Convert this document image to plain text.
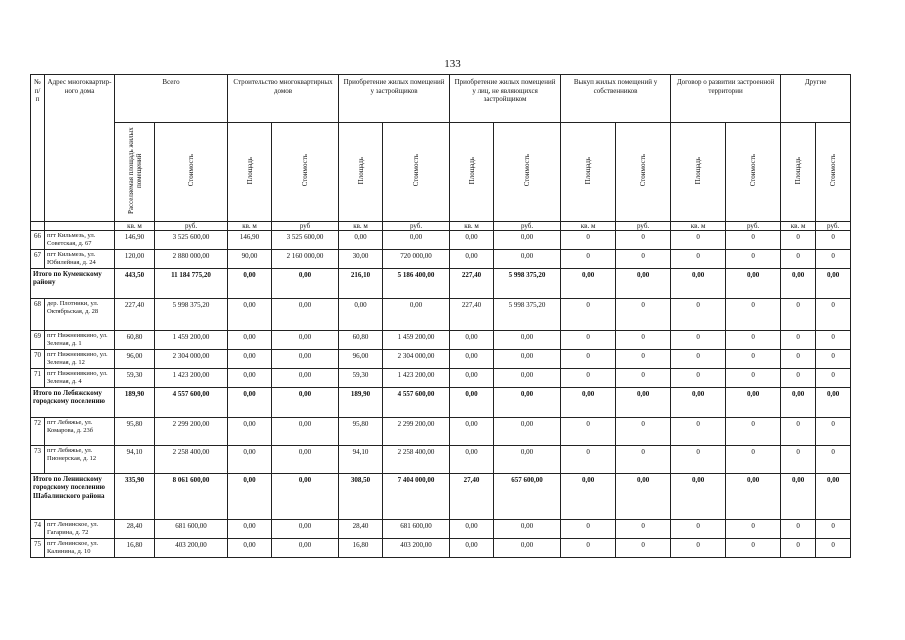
133
№ п/п	Адрес многоквартир-ного дома	Всего		Строительство многоквартирных домов		Приобретение жилых помещений у застройщиков		Приобретение жилых помещений у лиц, не являющихся застройщиком		Выкуп жилых помещений у собственников		Договор о развитии застроенной территории		Другие	
		Расселяемая площадь жилых помещений	Стоимость	Площадь	Стоимость	Площадь	Стоимость	Площадь	Стоимость	Площадь	Стоимость	Площадь	Стоимость	Площадь	Стоимость
		кв. м	руб.	кв. м	руб	кв. м	руб.	кв. м	руб.	кв. м	руб.	кв. м	руб.	кв. м	руб.
66	пгт Кильмезь, ул. Советская, д. 67	146,90	3 525 600,00	146,90	3 525 600,00	0,00	0,00	0,00	0,00	0	0	0	0	0	0
67	пгт Кильмезь, ул. Юбилейная, д. 24	120,00	2 880 000,00	90,00	2 160 000,00	30,00	720 000,00	0,00	0,00	0	0	0	0	0	0
Итого по Куменскому району		443,50	11 184 775,20	0,00	0,00	216,10	5 186 400,00	227,40	5 998 375,20	0,00	0,00	0,00	0,00	0,00	0,00
68	дер. Плотники, ул. Октябрьская, д. 28	227,40	5 998 375,20	0,00	0,00	0,00	0,00	227,40	5 998 375,20	0	0	0	0	0	0
69	пгт Нижнеивкино, ул. Зеленая, д. 1	60,80	1 459 200,00	0,00	0,00	60,80	1 459 200,00	0,00	0,00	0	0	0	0	0	0
70	пгт Нижнеивкино, ул. Зеленая, д. 12	96,00	2 304 000,00	0,00	0,00	96,00	2 304 000,00	0,00	0,00	0	0	0	0	0	0
71	пгт Нижнеивкино, ул. Зеленая, д. 4	59,30	1 423 200,00	0,00	0,00	59,30	1 423 200,00	0,00	0,00	0	0	0	0	0	0
Итого по Лебяжскому городскому поселению		189,90	4 557 600,00	0,00	0,00	189,90	4 557 600,00	0,00	0,00	0,00	0,00	0,00	0,00	0,00	0,00
72	пгт Лебяжье, ул. Комарова, д. 23б	95,80	2 299 200,00	0,00	0,00	95,80	2 299 200,00	0,00	0,00	0	0	0	0	0	0
73	пгт Лебяжье, ул. Пионерская, д. 12	94,10	2 258 400,00	0,00	0,00	94,10	2 258 400,00	0,00	0,00	0	0	0	0	0	0
Итого по Ленинскому городскому поселению Шабалинского района		335,90	8 061 600,00	0,00	0,00	308,50	7 404 000,00	27,40	657 600,00	0,00	0,00	0,00	0,00	0,00	0,00
74	пгт Ленинское, ул. Гагарина, д. 72	28,40	681 600,00	0,00	0,00	28,40	681 600,00	0,00	0,00	0	0	0	0	0	0
75	пгт Ленинское, ул. Калинина, д. 10	16,80	403 200,00	0,00	0,00	16,80	403 200,00	0,00	0,00	0	0	0	0	0	0
